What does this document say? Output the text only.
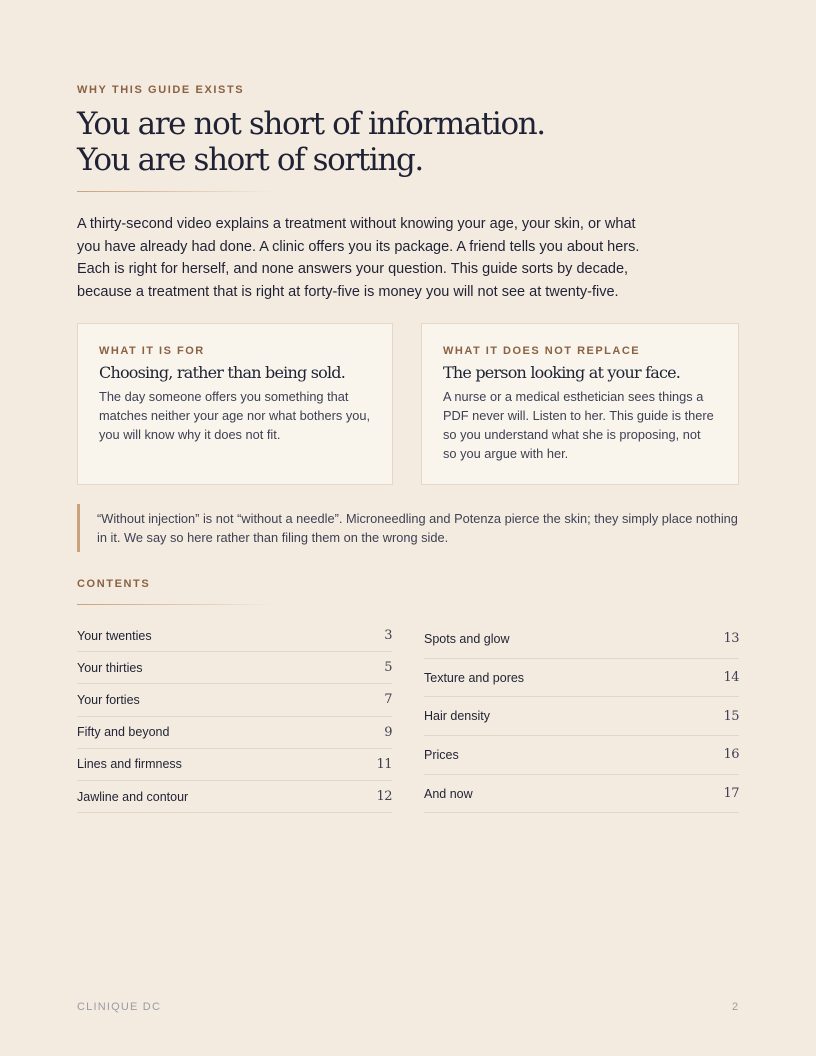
WHY THIS GUIDE EXISTS
You are not short of information.
You are short of sorting.

A thirty-second video explains a treatment without knowing your age, your skin, or what you have already had done. A clinic offers you its package. A friend tells you about hers. Each is right for herself, and none answers your question. This guide sorts by decade, because a treatment that is right at forty-five is money you will not see at twenty-five.

WHAT IT IS FOR
Choosing, rather than being sold.

The day someone offers you something that matches neither your age nor what bothers you, you will know why it does not fit.

WHAT IT DOES NOT REPLACE
The person looking at your face.

A nurse or a medical esthetician sees things a PDF never will. Listen to her. This guide is there so you understand what she is proposing, not so you argue with her.

“Without injection” is not “without a needle”. Microneedling and Potenza pierce the skin; they simply place nothing in it. We say so here rather than filing them on the wrong side.
CONTENTS
Your twenties	3
Your thirties	5
Your forties	7
Fifty and beyond	9
Lines and firmness	11
Jawline and contour	12
Spots and glow	13
Texture and pores	14
Hair density	15
Prices	16
And now	17
CLINIQUE DC	2
